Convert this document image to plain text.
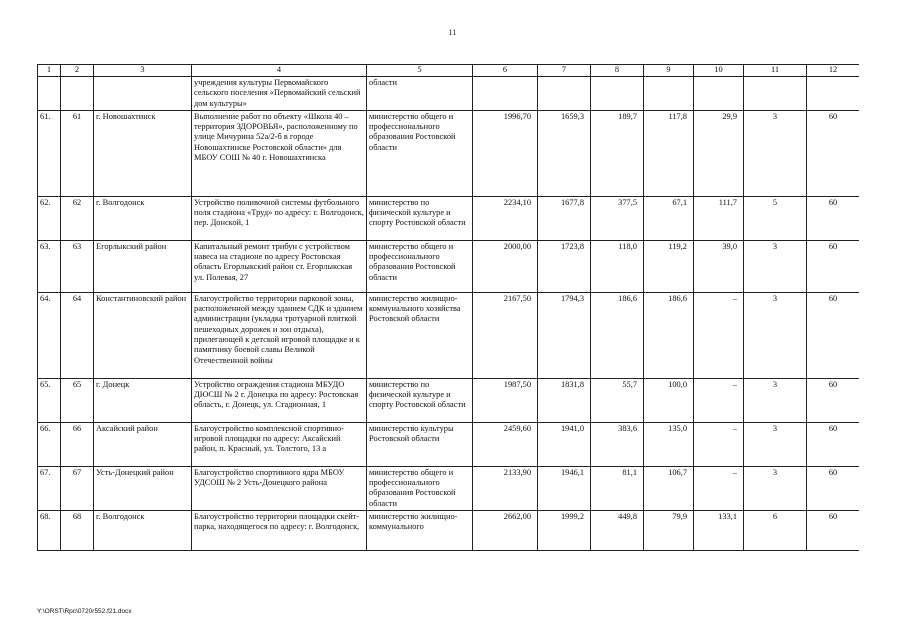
11
1	2	3	4	5	6	7	8	9	10	11	12
			учреждения культуры Первомайского сельского поселения «Первомайский сельский дом культуры»	области							
61.	61	г. Новошахтинск	Выполнение работ по объекту «Школа 40 – территория ЗДОРОВЬЯ», расположенному по улице Мичурина 52а/2-б в городе Новошахтинске Ростовской области» для МБОУ СОШ № 40 г. Новошахтинска	министерство общего и профессионального образования Ростовской области	1996,70	1659,3	189,7	117,8	29,9	3	60
62.	62	г. Волгодонск	Устройство поливочной системы футбольного поля стадиона «Труд» по адресу: г. Волгодонск, пер. Донской, 1	министерство по физической культуре и спорту Ростовской области	2234,10	1677,8	377,5	67,1	111,7	5	60
63.	63	Егорлыкский район	Капитальный ремонт трибун с устройством навеса на стадионе по адресу Ростовская область Егорлыкский район ст. Егорлыкская ул. Полевая, 27	министерство общего и профессионального образования Ростовской области	2000,00	1723,8	118,0	119,2	39,0	3	60
64.	64	Константиновский район	Благоустройство территории парковой зоны, расположенной между зданием СДК и зданием администрации (укладка тротуарной плиткой пешеходных дорожек и зон отдыха), прилегающей к детской игровой площадке и к памятнику боевой славы Великой Отечественной войны	министерство жилищно-коммунального хозяйства Ростовской области	2167,50	1794,3	186,6	186,6	–	3	60
65.	65	г. Донецк	Устройство ограждения стадиона МБУДО ДЮСШ № 2 г. Донецка по адресу: Ростовская область, г. Донецк, ул. Стадионная, 1	министерство по физической культуре и спорту Ростовской области	1987,50	1831,8	55,7	100,0	–	3	60
66.	66	Аксайский район	Благоустройство комплексной спортивно-игровой площадки по адресу: Аксайский район, п. Красный, ул. Толстого, 13 а	министерство культуры Ростовской области	2459,60	1941,0	383,6	135,0	–	3	60
67.	67	Усть-Донецкий район	Благоустройство спортивного ядра МБОУ УДСОШ № 2 Усть-Донецкого района	министерство общего и профессионального образования Ростовской области	2133,90	1946,1	81,1	106,7	–	3	60
68.	68	г. Волгодонск	Благоустройство территории площадки скейт-парка, находящегося по адресу: г. Волгодонск,	министерство жилищно-коммунального	2662,00	1999,2	449,8	79,9	133,1	6	60
Y:\ORST\Rpc\0720r552.f21.docx
